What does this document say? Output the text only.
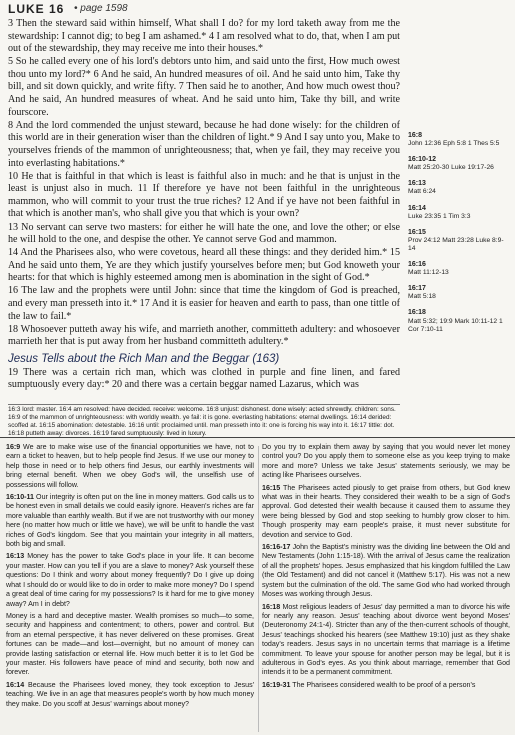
LUKE 16 • page 1598

3 Then the steward said within himself, What shall I do? for my lord taketh away from me the stewardship: I cannot dig; to beg I am ashamed.* 4 I am resolved what to do, that, when I am put out of the stewardship, they may receive me into their houses.*

5 So he called every one of his lord's debtors unto him, and said unto the first, How much owest thou unto my lord?* 6 And he said, An hundred measures of oil. And he said unto him, Take thy bill, and sit down quickly, and write fifty. 7 Then said he to another, And how much owest thou? And he said, An hundred measures of wheat. And he said unto him, Take thy bill, and write fourscore.

8 And the lord commended the unjust steward, because he had done wisely: for the children of this world are in their generation wiser than the children of light.* 9 And I say unto you, Make to yourselves friends of the mammon of unrighteousness; that, when ye fail, they may receive you into everlasting habitations.*

10 He that is faithful in that which is least is faithful also in much: and he that is unjust in the least is unjust also in much. 11 If therefore ye have not been faithful in the unrighteous mammon, who will commit to your trust the true riches? 12 And if ye have not been faithful in that which is another man's, who shall give you that which is your own?

13 No servant can serve two masters: for either he will hate the one, and love the other; or else he will hold to the one, and despise the other. Ye cannot serve God and mammon.

14 And the Pharisees also, who were covetous, heard all these things: and they derided him.* 15 And he said unto them, Ye are they which justify yourselves before men; but God knoweth your hearts: for that which is highly esteemed among men is abomination in the sight of God.*

16 The law and the prophets were until John: since that time the kingdom of God is preached, and every man presseth into it.* 17 And it is easier for heaven and earth to pass, than one tittle of the law to fail.*

18 Whosoever putteth away his wife, and marrieth another, committeth adultery: and whosoever marrieth her that is put away from her husband committeth adultery.*

Jesus Tells about the Rich Man and the Beggar (163)

19 There was a certain rich man, which was clothed in purple and fine linen, and fared sumptuously every day:* 20 and there was a certain beggar named Lazarus, which was

16:3 lord: master. 16:4 am resolved: have decided. receive: welcome. 16:8 unjust: dishonest. done wisely: acted shrewdly. children: sons. 16:9 of the mammon of unrighteousness: with worldly wealth. ye fail: it is gone. everlasting habitations: eternal dwellings. 16:14 derided: scoffed at. 16:15 abomination: detestable. 16:16 until: proclaimed until. man presseth into it: one is forcing his way into it. 16:17 tittle: dot. 16:18 putteth away: divorces. 16:19 fared sumptuously: lived in luxury.
16:8
John 12:36 Eph 5:8 1 Thes 5:5
16:10-12
Matt 25:20-30 Luke 19:17-26
16:13
Matt 6:24
16:14
Luke 23:35 1 Tim 3:3
16:15
Prov 24:12 Matt 23:28 Luke 8:9-14
16:16
Matt 11:12-13
16:17
Matt 5:18
16:18
Matt 5:32; 19:9 Mark 10:11-12 1 Cor 7:10-11
16:9 We are to make wise use of the financial opportunities we have, not to earn a ticket to heaven, but to help people find Jesus. If we use our money to help those in need or to help others find Jesus, our earthly investments will bring eternal benefit. When we obey God's will, the unselfish use of possessions will follow.
16:10-11 Our integrity is often put on the line in money matters. God calls us to be honest even in small details we could easily ignore. Heaven's riches are far more valuable than earthly wealth. But if we are not trustworthy with our money here (no matter how much or little we have), we will be unfit to handle the vast riches of God's kingdom. See that you maintain your integrity in all matters, both big and small.
16:13 Money has the power to take God's place in your life. It can become your master. How can you tell if you are a slave to money? Ask yourself these questions: Do I think and worry about money frequently? Do I give up doing what I should do or would like to do in order to make more money? Do I spend a great deal of time caring for my possessions? Is it hard for me to give money away? Am I in debt?
Money is a hard and deceptive master. Wealth promises so much—to some, security and happiness and contentment; to others, power and control. But from an eternal perspective, it has never delivered on these promises. Great fortunes can be made—and lost—overnight, but no amount of money can provide lasting satisfaction or eternal life. How much better it is to let God be your master. His followers have peace of mind and security, both now and forever.
16:14 Because the Pharisees loved money, they took exception to Jesus' teaching. We live in an age that measures people's worth by how much money they make. Do you scoff at Jesus' warnings about money?
Do you try to explain them away by saying that you would never let money control you? Do you apply them to someone else as you keep trying to make more and more? Unless we take Jesus' statements seriously, we may be acting like Pharisees ourselves.
16:15 The Pharisees acted piously to get praise from others, but God knew what was in their hearts. They considered their wealth to be a sign of God's approval. God detested their wealth because it caused them to assume they were being blessed by God and stop seeking to humbly grow closer to him. Though prosperity may earn people's praise, it must never substitute for devotion and service to God.
16:16-17 John the Baptist's ministry was the dividing line between the Old and New Testaments (John 1:15-18). With the arrival of Jesus came the realization of all the prophets' hopes. Jesus emphasized that his kingdom fulfilled the Law (the Old Testament) and did not cancel it (Matthew 5:17). His was not a new system but the culmination of the old. The same God who had worked through Moses was working through Jesus.
16:18 Most religious leaders of Jesus' day permitted a man to divorce his wife for nearly any reason. Jesus' teaching about divorce went beyond Moses' (Deuteronomy 24:1-4). Stricter than any of the then-current schools of thought, Jesus' teachings shocked his hearers (see Matthew 19:10) just as they shake today's readers. Jesus says in no uncertain terms that marriage is a lifetime commitment. To leave your spouse for another person may be legal, but it is adulterous in God's eyes. As you think about marriage, remember that God intends it to be a permanent commitment.
16:19-31 The Pharisees considered wealth to be proof of a person's
